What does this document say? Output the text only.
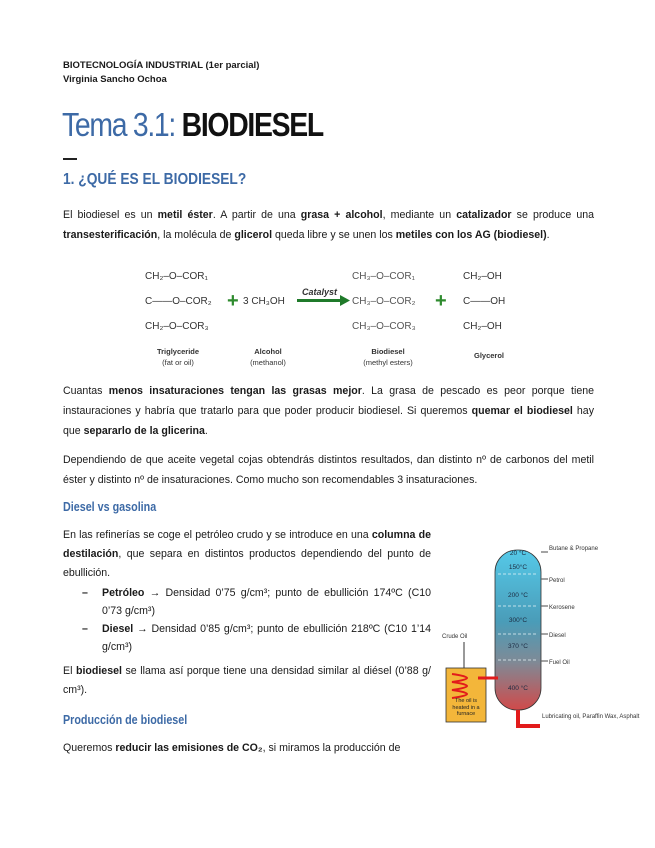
BIOTECNOLOGÍA INDUSTRIAL (1er parcial)
Virginia Sancho Ochoa
Tema 3.1: BIODIESEL
1. ¿QUÉ ES EL BIODIESEL?

El biodiesel es un metil éster. A partir de una grasa + alcohol, mediante un catalizador se produce una transesterificación, la molécula de glicerol queda libre y se unen los metiles con los AG (biodiesel).

CH₂–O–COR₁
C——O–COR₂
CH₂–O–COR₃
+ 3 CH₃OH
Catalyst
CH₃–O–COR₁
CH₃–O–COR₂
CH₃–O–COR₃
+
CH₂–OH
C——OH
CH₂–OH
Triglyceride
(fat or oil)
Alcohol
(methanol)
Biodiesel
(methyl esters)
Glycerol

Cuantas menos insaturaciones tengan las grasas mejor. La grasa de pescado es peor porque tiene instauraciones y habría que tratarlo para que poder producir biodiesel. Si queremos quemar el biodiesel hay que separarlo de la glicerina.

Dependiendo de que aceite vegetal cojas obtendrás distintos resultados, dan distinto nº de carbonos del metil éster y distinto nº de insaturaciones. Como mucho son recomendables 3 insaturaciones.

Diesel vs gasolina

En las refinerías se coge el petróleo crudo y se introduce en una columna de destilación, que separa en distintos productos dependiendo del punto de ebullición.

– Petróleo → Densidad 0’75 g/cm³; punto de ebullición 174ºC (C10 0’73 g/cm³)
– Diesel → Densidad 0’85 g/cm³; punto de ebullición 218ºC (C10 1’14 g/cm³)

El biodiesel se llama así porque tiene una densidad similar al diésel (0’88 g/ cm³).

20 °C
150°C
200 °C
300°C
370 °C
400 °C
Butane & Propane
Petrol
Kerosene
Diesel
Fuel Oil
Lubricating oil, Paraffin Wax, Asphalt
Crude Oil
The oil is heated in a furnace
Producción de biodiesel

Queremos reducir las emisiones de CO₂, si miramos la producción de
